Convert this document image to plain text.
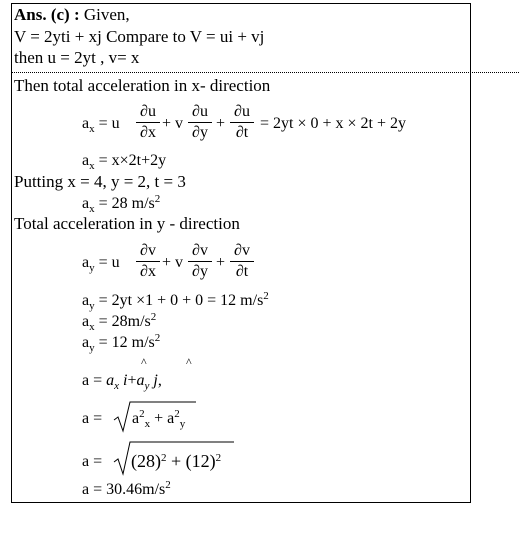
Ans. (c) : Given,
V = 2yti + xj Compare to V = ui + vj
then u = 2yt , v= x
Then total acceleration in x- direction
$a_x = u$
∂u
∂x
+ v
∂u
∂y
+
∂u
∂t
= 2yt × 0 + x × 2t + 2y
$a_x = x\times 2t+2y$
Putting x = 4, y = 2, t = 3
$a_x = 28$ $m/s^2$
Total acceleration in y - direction
$a_y = u$
∂v
∂x
+ v
∂v
∂y
+
∂v
∂t
$a_y = 2yt \times 1 + 0 + 0 = 12$ $m/s^2$
$a_x = 28m/s^2$
$a_y = 12$ $m/s^2$
^	^
$a = a_x$ $i+a_y$ j,
$a = a^2_x + a^2_y$
$a = (28)^2 + (12)^2$
$a = 30.46m/s^2$
